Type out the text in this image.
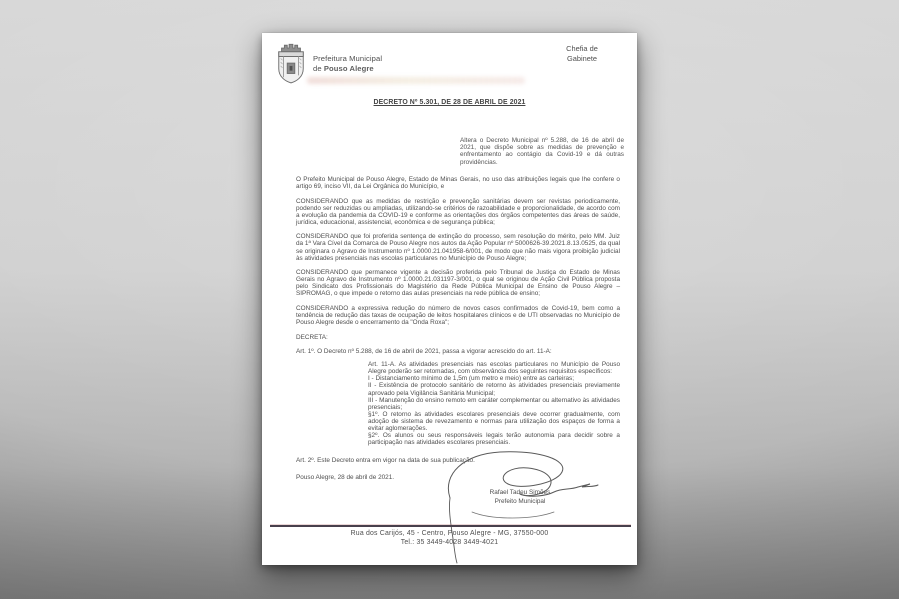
Prefeitura Municipal
de Pouso Alegre
Chefia de
Gabinete
DECRETO Nº 5.301, DE 28 DE ABRIL DE 2021
Altera o Decreto Municipal nº 5.288, de 16 de abril de 2021, que dispõe sobre as medidas de prevenção e enfrentamento ao contágio da Covid-19 e dá outras providências.

O Prefeito Municipal de Pouso Alegre, Estado de Minas Gerais, no uso das atribuições legais que lhe confere o artigo 69, inciso VII, da Lei Orgânica do Município, e

CONSIDERANDO que as medidas de restrição e prevenção sanitárias devem ser revistas periodicamente, podendo ser reduzidas ou ampliadas, utilizando-se critérios de razoabilidade e proporcionalidade, de acordo com a evolução da pandemia da COVID-19 e conforme as orientações dos órgãos competentes das áreas de saúde, jurídica, educacional, assistencial, econômica e de segurança pública;

CONSIDERANDO que foi proferida sentença de extinção do processo, sem resolução do mérito, pelo MM. Juiz da 1ª Vara Cível da Comarca de Pouso Alegre nos autos da Ação Popular nº 5000626-39.2021.8.13.0525, da qual se originara o Agravo de Instrumento nº 1.0000.21.041958-6/001, de modo que não mais vigora proibição judicial às atividades presenciais nas escolas particulares no Município de Pouso Alegre;

CONSIDERANDO que permanece vigente a decisão proferida pelo Tribunal de Justiça do Estado de Minas Gerais no Agravo de Instrumento nº 1.0000.21.031197-3/001, o qual se originou de Ação Civil Pública proposta pelo Sindicato dos Profissionais do Magistério da Rede Pública Municipal de Ensino de Pouso Alegre – SIPROMAG, o que impede o retorno das aulas presenciais na rede pública de ensino;

CONSIDERANDO a expressiva redução do número de novos casos confirmados de Covid-19, bem como a tendência de redução das taxas de ocupação de leitos hospitalares clínicos e de UTI observadas no Município de Pouso Alegre desde o encerramento da "Onda Roxa";

DECRETA:

Art. 1º. O Decreto nº 5.288, de 16 de abril de 2021, passa a vigorar acrescido do art. 11-A:

Art. 11-A. As atividades presenciais nas escolas particulares no Município de Pouso Alegre poderão ser retomadas, com observância dos seguintes requisitos específicos:

I - Distanciamento mínimo de 1,5m (um metro e meio) entre as carteiras;

II - Existência de protocolo sanitário de retorno às atividades presenciais previamente aprovado pela Vigilância Sanitária Municipal;

III - Manutenção do ensino remoto em caráter complementar ou alternativo às atividades presenciais;

§1º. O retorno às atividades escolares presenciais deve ocorrer gradualmente, com adoção de sistema de revezamento e normas para utilização dos espaços de forma a evitar aglomerações.

§2º. Os alunos ou seus responsáveis legais terão autonomia para decidir sobre a participação nas atividades escolares presenciais.

Art. 2º. Este Decreto entra em vigor na data de sua publicação.

Pouso Alegre, 28 de abril de 2021.

Rafael Tadeu Simões
Prefeito Municipal
Rua dos Carijós, 45 - Centro, Pouso Alegre - MG, 37550-000
Tel.: 35 3449-4028 3449-4021
